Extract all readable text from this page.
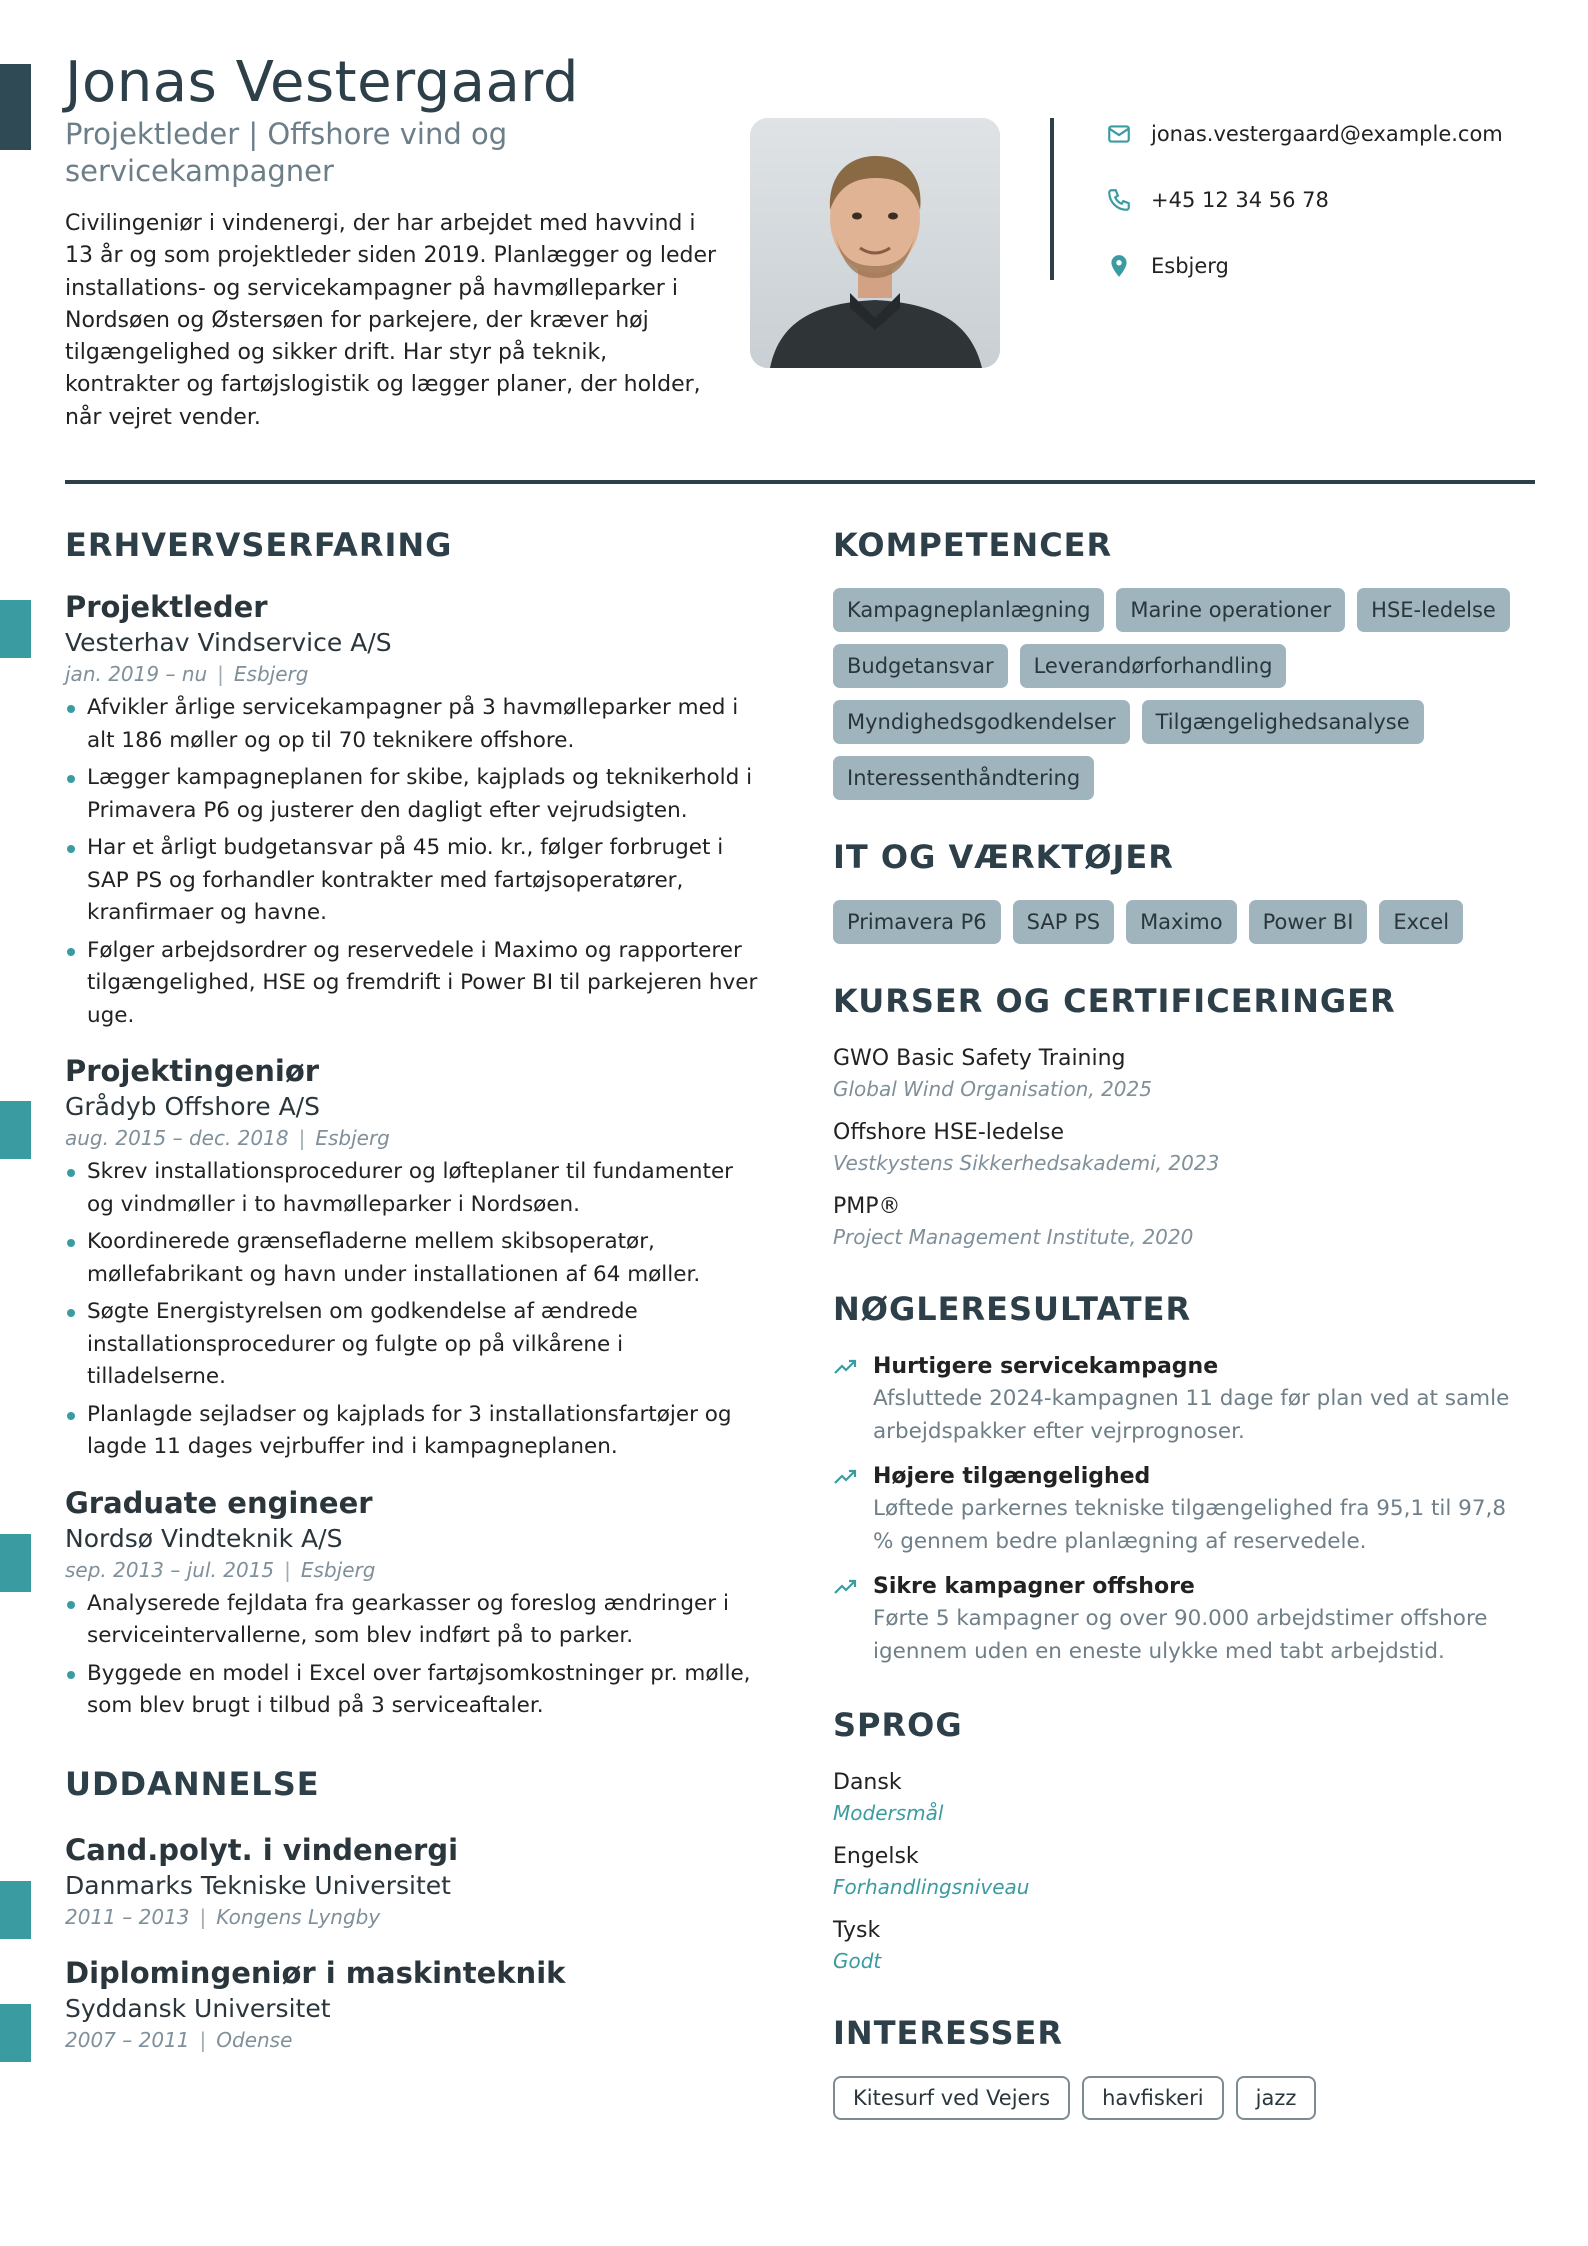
Jonas Vestergaard
Projektleder | Offshore vind og servicekampagner

Civilingeniør i vindenergi, der har arbejdet med havvind i 13 år og som projektleder siden 2019. Planlægger og leder installations- og servicekampagner på havmølleparker i Nordsøen og Østersøen for parkejere, der kræver høj tilgængelighed og sikker drift. Har styr på teknik, kontrakter og fartøjslogistik og lægger planer, der holder, når vejret vender.

jonas.vestergaard@example.com
+45 12 34 56 78
Esbjerg
ERHVERVSERFARING
Projektleder
Vesterhav Vindservice A/S
jan. 2019 – nu | Esbjerg
Afvikler årlige servicekampagner på 3 havmølleparker med i alt 186 møller og op til 70 teknikere offshore.
Lægger kampagneplanen for skibe, kajplads og teknikerhold i Primavera P6 og justerer den dagligt efter vejrudsigten.
Har et årligt budgetansvar på 45 mio. kr., følger forbruget i SAP PS og forhandler kontrakter med fartøjsoperatører, kranfirmaer og havne.
Følger arbejdsordrer og reservedele i Maximo og rapporterer tilgængelighed, HSE og fremdrift i Power BI til parkejeren hver uge.
Projektingeniør
Grådyb Offshore A/S
aug. 2015 – dec. 2018 | Esbjerg
Skrev installationsprocedurer og løfteplaner til fundamenter og vindmøller i to havmølleparker i Nordsøen.
Koordinerede grænsefladerne mellem skibsoperatør, møllefabrikant og havn under installationen af 64 møller.
Søgte Energistyrelsen om godkendelse af ændrede installationsprocedurer og fulgte op på vilkårene i tilladelserne.
Planlagde sejladser og kajplads for 3 installationsfartøjer og lagde 11 dages vejrbuffer ind i kampagneplanen.
Graduate engineer
Nordsø Vindteknik A/S
sep. 2013 – jul. 2015 | Esbjerg
Analyserede fejldata fra gearkasser og foreslog ændringer i serviceintervallerne, som blev indført på to parker.
Byggede en model i Excel over fartøjsomkostninger pr. mølle, som blev brugt i tilbud på 3 serviceaftaler.
UDDANNELSE
Cand.polyt. i vindenergi
Danmarks Tekniske Universitet
2011 – 2013 | Kongens Lyngby
Diplomingeniør i maskinteknik
Syddansk Universitet
2007 – 2011 | Odense
KOMPETENCER
Kampagneplanlægning	Marine operationer	HSE-ledelse
Budgetansvar	Leverandørforhandling
Myndighedsgodkendelser	Tilgængelighedsanalyse
Interessenthåndtering
IT OG VÆRKTØJER
Primavera P6	SAP PS	Maximo	Power BI	Excel
KURSER OG CERTIFICERINGER
GWO Basic Safety Training
Global Wind Organisation, 2025
Offshore HSE-ledelse
Vestkystens Sikkerhedsakademi, 2023
PMP®
Project Management Institute, 2020
NØGLERESULTATER
Hurtigere servicekampagne
Afsluttede 2024-kampagnen 11 dage før plan ved at samle arbejdspakker efter vejrprognoser.
Højere tilgængelighed
Løftede parkernes tekniske tilgængelighed fra 95,1 til 97,8 % gennem bedre planlægning af reservedele.
Sikre kampagner offshore
Førte 5 kampagner og over 90.000 arbejdstimer offshore igennem uden en eneste ulykke med tabt arbejdstid.
SPROG
Dansk
Modersmål
Engelsk
Forhandlingsniveau
Tysk
Godt
INTERESSER
Kitesurf ved Vejers	havfiskeri	jazz
